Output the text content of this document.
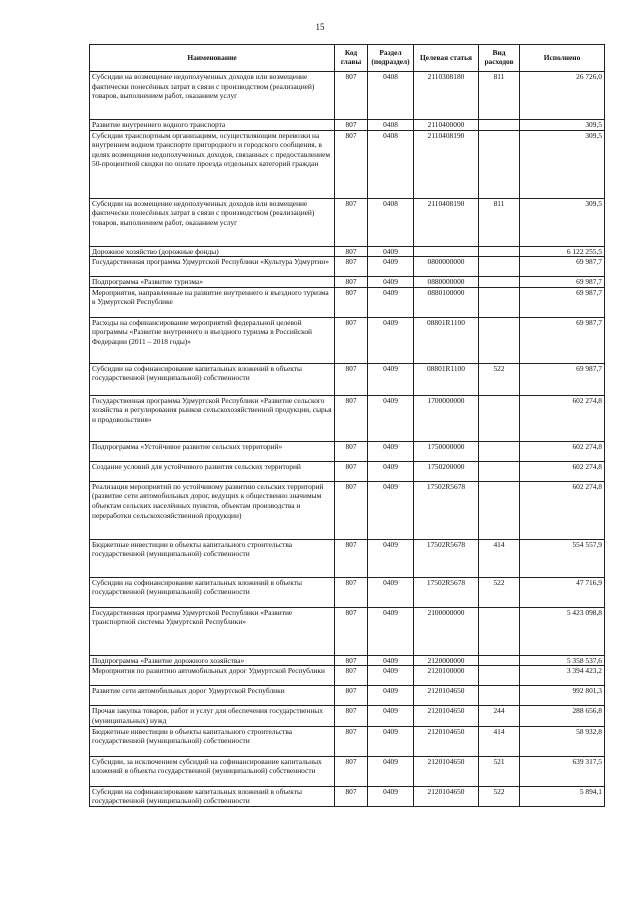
15
Наименование	Код главы	Раздел (подраздел)	Целевая статья	Вид расходов	Исполнено
Субсидии на возмещение недополученных доходов или возмещение фактически понесённых затрат в связи с производством (реализацией) товаров, выполнением работ, оказанием услуг	807	0408	2110308180	811	26 726,0
Развитие внутреннего водного транспорта	807	0408	2110400000		309,5
Субсидии транспортным организациям, осуществляющим перевозки на внутреннем водном транспорте пригородного и городского сообщения, в целях возмещения недополученных доходов, связанных с предоставлением 50-процентной скидки по оплате проезда отдельных категорий граждан	807	0408	2110408190		309,5
Субсидии на возмещение недополученных доходов или возмещение фактически понесённых затрат в связи с производством (реализацией) товаров, выполнением работ, оказанием услуг	807	0408	2110408190	811	309,5
Дорожное хозяйство (дорожные фонды)	807	0409			6 122 255,5
Государственная программа Удмуртской Республики «Культура Удмуртии»	807	0409	0800000000		69 987,7
Подпрограмма «Развитие туризма»	807	0409	0880000000		69 987,7
Мероприятия, направленные на развитие внутреннего и въездного туризма в Удмуртской Республике	807	0409	0880100000		69 987,7
Расходы на софинансирование мероприятий федеральной целевой программы «Развитие внутреннего и въездного туризма в Российской Федерации (2011 – 2018 годы)»	807	0409	08801R1100		69 987,7
Субсидии на софинансирование капитальных вложений в объекты государственной (муниципальной) собственности	807	0409	08801R1100	522	69 987,7
Государственная программа Удмуртской Республики «Развитие сельского хозяйства и регулирования рынков сельскохозяйственной продукции, сырья и продовольствия»	807	0409	1700000000		602 274,8
Подпрограмма «Устойчивое развитие сельских территорий»	807	0409	1750000000		602 274,8
Создание условий для устойчивого развития сельских территорий	807	0409	1750200000		602 274,8
Реализация мероприятий по устойчивому развитию сельских территорий (развитие сети автомобильных дорог, ведущих к общественно значимым объектам сельских населённых пунктов, объектам производства и переработки сельскохозяйственной продукции)	807	0409	17502R5678		602 274,8
Бюджетные инвестиции в объекты капитального строительства государственной (муниципальной) собственности	807	0409	17502R5678	414	554 557,9
Субсидии на софинансирование капитальных вложений в объекты государственной (муниципальной) собственности	807	0409	17502R5678	522	47 716,9
Государственная программа Удмуртской Республики «Развитие транспортной системы Удмуртской Республики»	807	0409	2100000000		5 423 098,8
Подпрограмма «Развитие дорожного хозяйства»	807	0409	2120000000		5 358 537,6
Мероприятия по развитию автомобильных дорог Удмуртской Республики	807	0409	2120100000		3 394 423,2
Развитие сети автомобильных дорог Удмуртской Республики	807	0409	2120104650		992 801,3
Прочая закупка товаров, работ и услуг для обеспечения государственных (муниципальных) нужд	807	0409	2120104650	244	288 656,8
Бюджетные инвестиции в объекты капитального строительства государственной (муниципальной) собственности	807	0409	2120104650	414	58 932,8
Субсидии, за исключением субсидий на софинансирование капитальных вложений в объекты государственной (муниципальной) собственности	807	0409	2120104650	521	639 317,5
Субсидии на софинансирование капитальных вложений в объекты государственной (муниципальной) собственности	807	0409	2120104650	522	5 894,1
